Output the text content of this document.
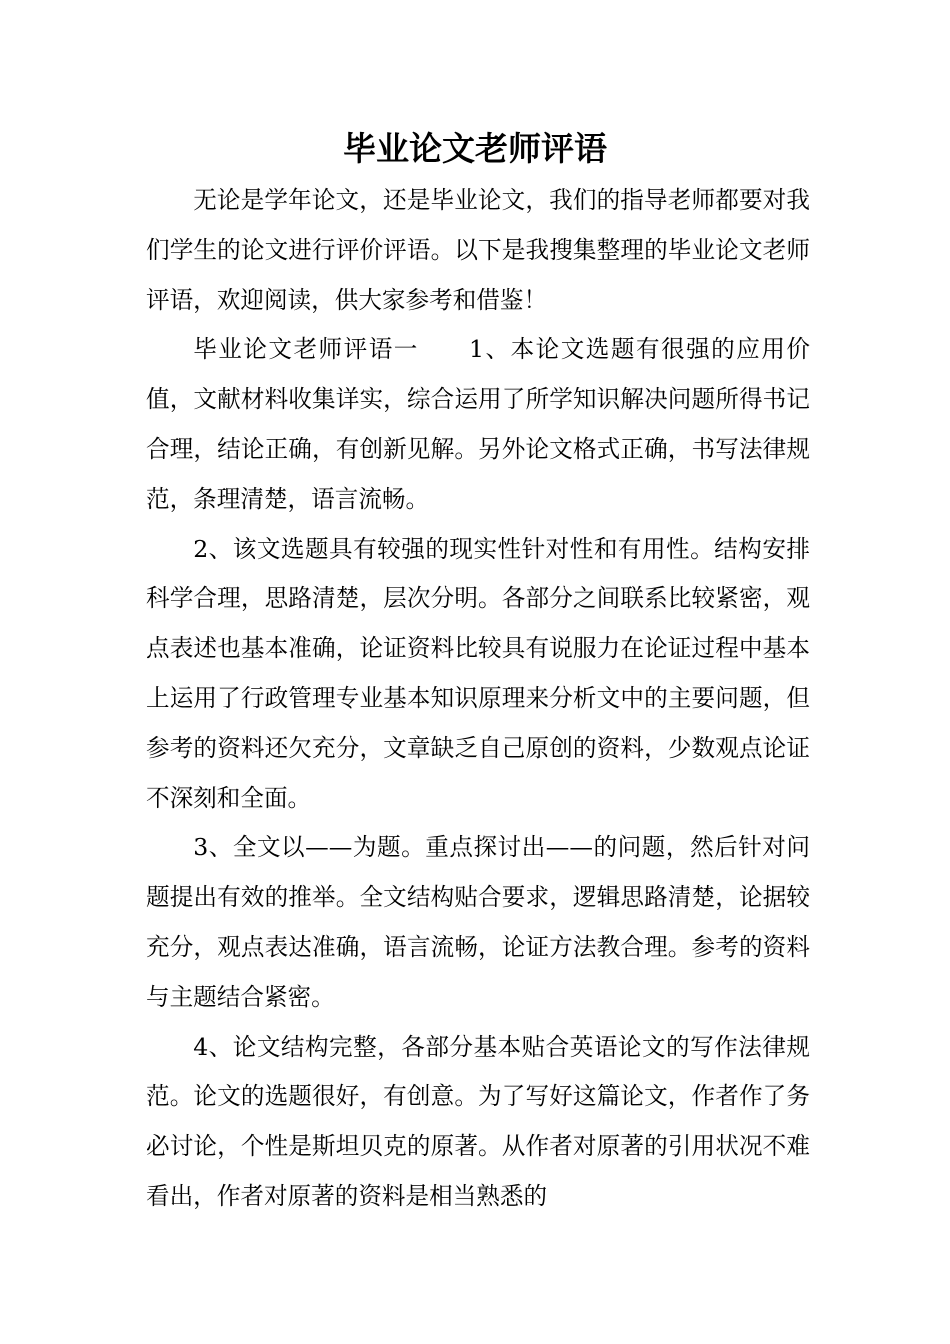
毕业论文老师评语

无论是学年论文，还是毕业论文，我们的指导老师都要对我们学生的论文进行评价评语。以下是我搜集整理的毕业论文老师评语，欢迎阅读，供大家参考和借鉴！

毕业论文老师评语一　　1、本论文选题有很强的应用价值，文献材料收集详实，综合运用了所学知识解决问题所得书记合理，结论正确，有创新见解。另外论文格式正确，书写法律规范，条理清楚，语言流畅。

2、该文选题具有较强的现实性针对性和有用性。结构安排科学合理，思路清楚，层次分明。各部分之间联系比较紧密，观点表述也基本准确，论证资料比较具有说服力在论证过程中基本上运用了行政管理专业基本知识原理来分析文中的主要问题，但参考的资料还欠充分，文章缺乏自己原创的资料，少数观点论证不深刻和全面。

3、全文以——为题。重点探讨出——的问题，然后针对问题提出有效的推举。全文结构贴合要求，逻辑思路清楚，论据较充分，观点表达准确，语言流畅，论证方法教合理。参考的资料与主题结合紧密。

4、论文结构完整，各部分基本贴合英语论文的写作法律规范。论文的选题很好，有创意。为了写好这篇论文，作者作了务必讨论，个性是斯坦贝克的原著。从作者对原著的引用状况不难看出，作者对原著的资料是相当熟悉的
